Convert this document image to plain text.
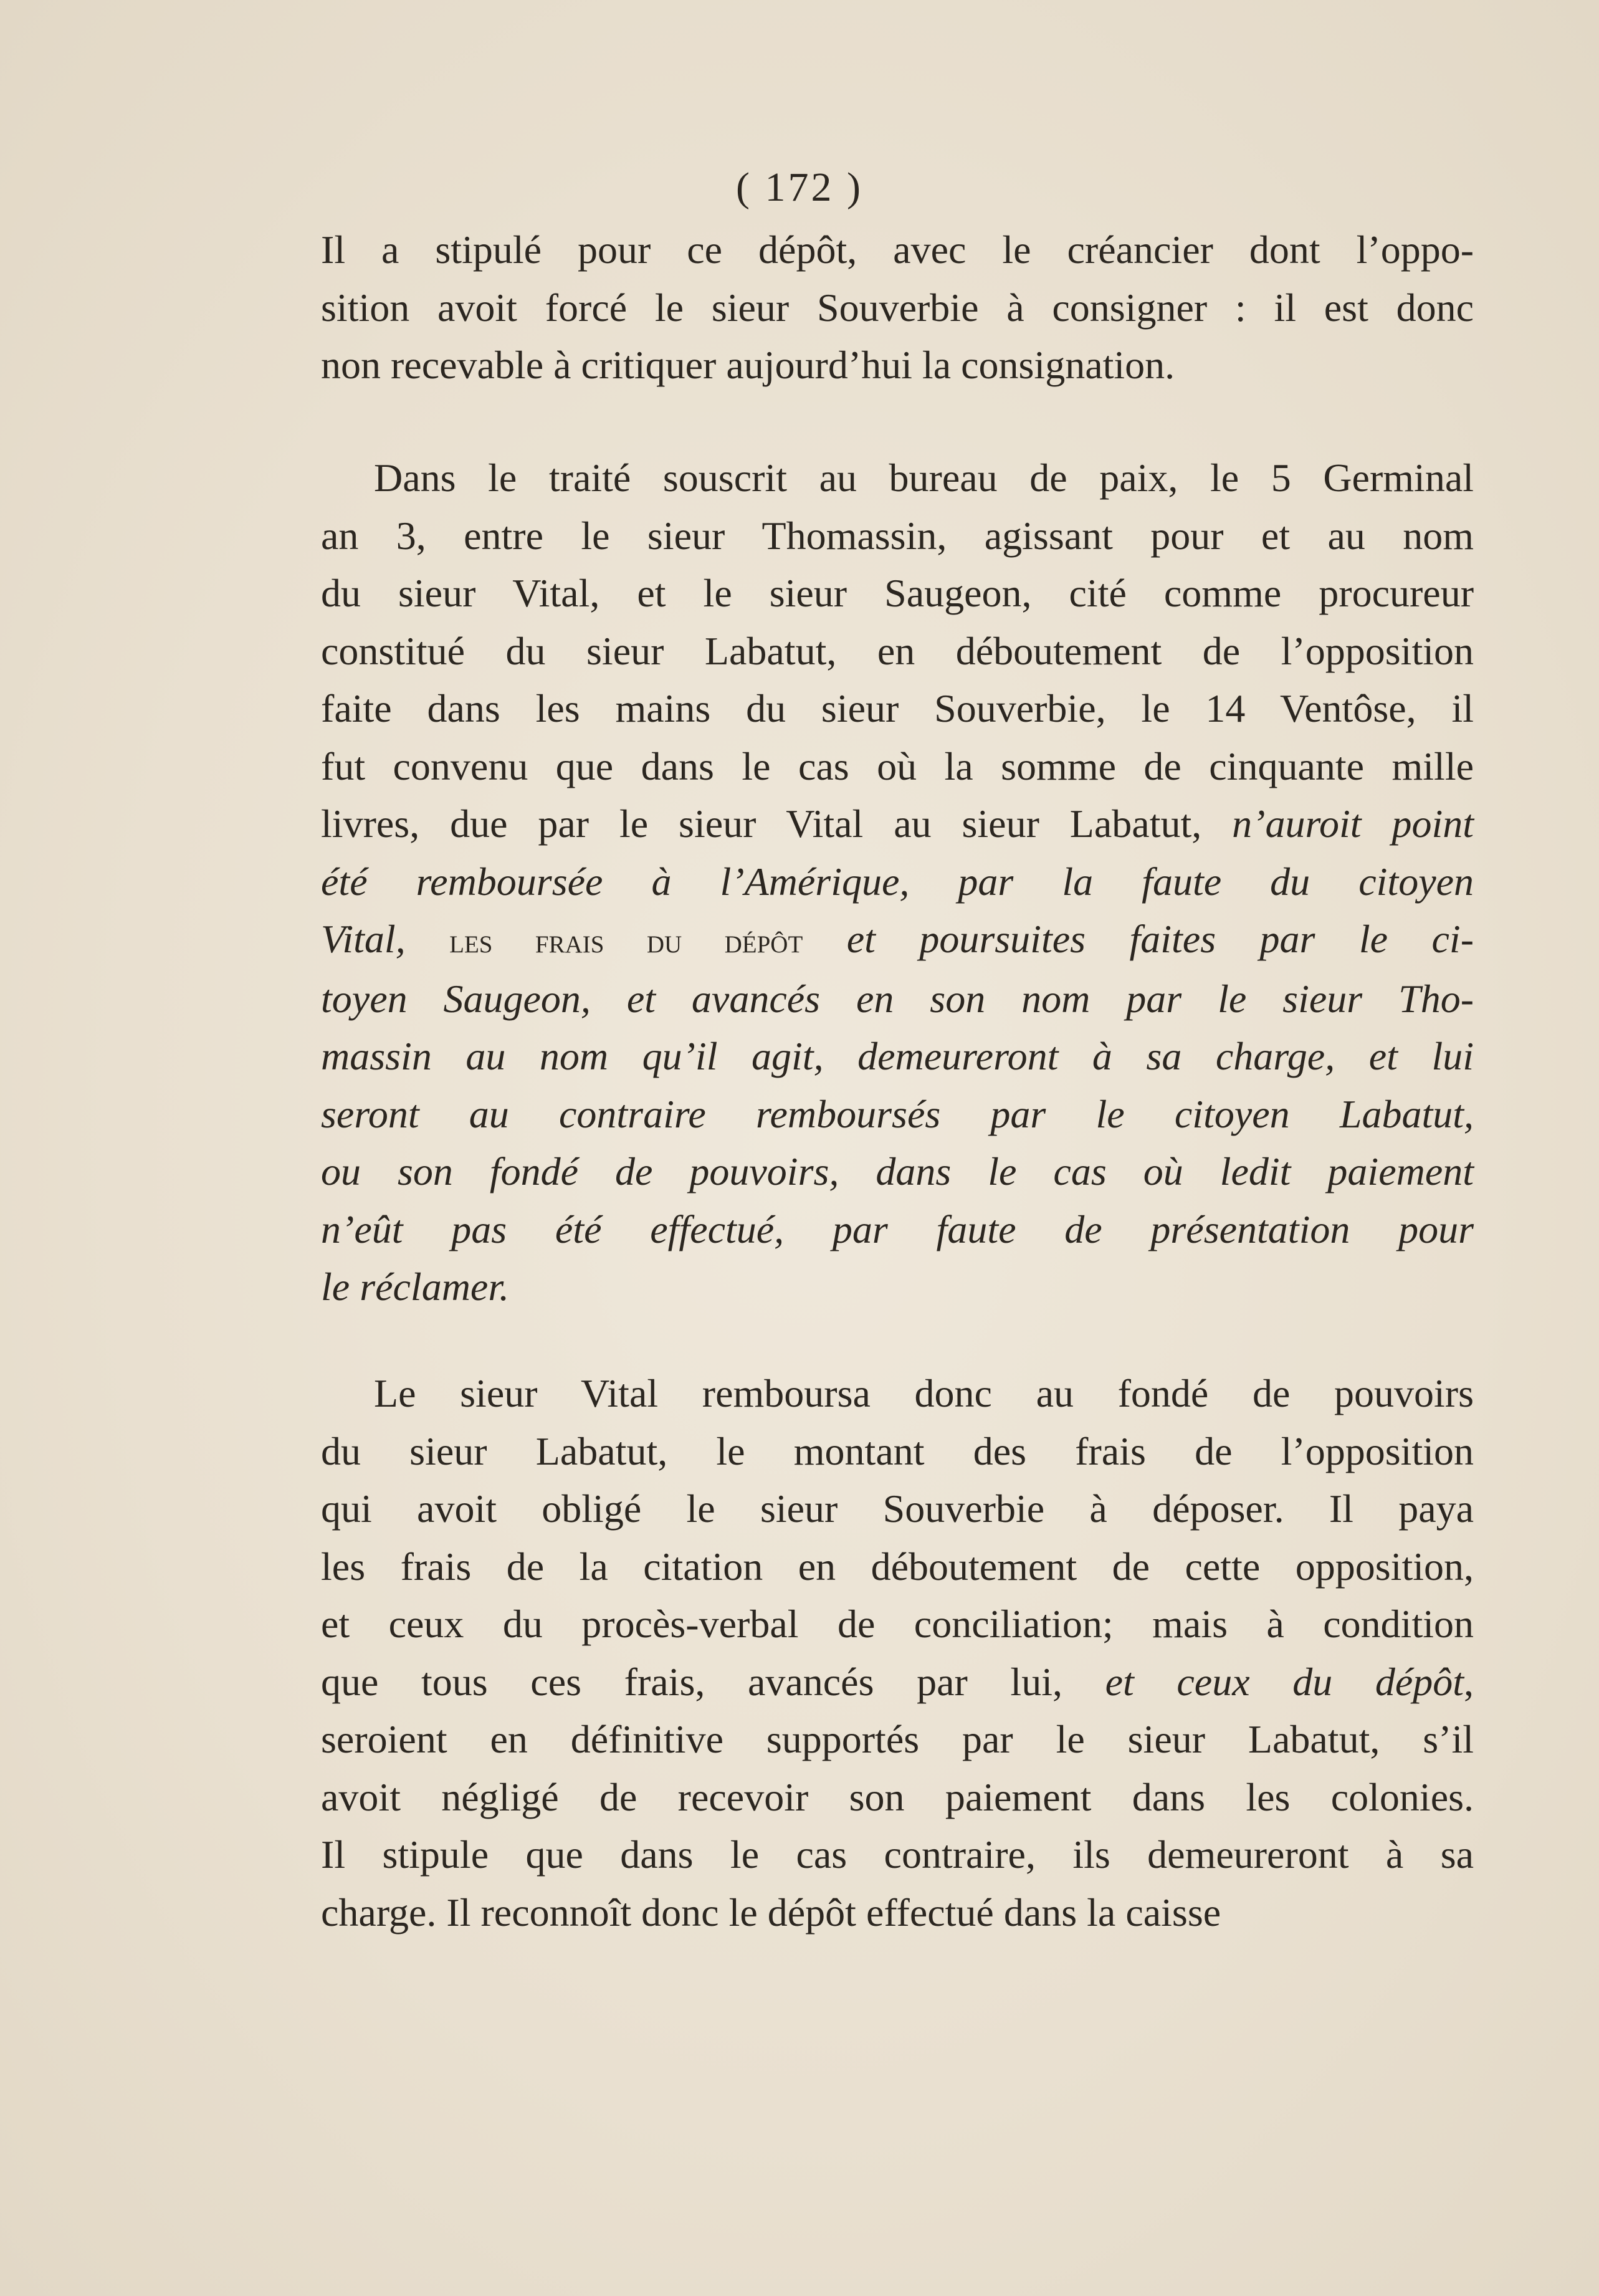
( 172 )
Il a stipulé pour ce dépôt, avec le créancier dont l’oppo-
sition avoit forcé le sieur Souverbie à consigner : il est donc
non recevable à critiquer aujourd’hui la consignation.
Dans le traité souscrit au bureau de paix, le 5 Germinal
an 3, entre le sieur Thomassin, agissant pour et au nom
du sieur Vital, et le sieur Saugeon, cité comme procureur
constitué du sieur Labatut, en déboutement de l’opposition
faite dans les mains du sieur Souverbie, le 14 Ventôse, il
fut convenu que dans le cas où la somme de cinquante mille
livres, due par le sieur Vital au sieur Labatut, n’auroit point
été remboursée à l’Amérique, par la faute du citoyen
Vital, les frais du dépôt et poursuites faites par le ci-
toyen Saugeon, et avancés en son nom par le sieur Tho-
massin au nom qu’il agit, demeureront à sa charge, et lui
seront au contraire remboursés par le citoyen Labatut,
ou son fondé de pouvoirs, dans le cas où ledit paiement
n’eût pas été effectué, par faute de présentation pour
le réclamer.
Le sieur Vital remboursa donc au fondé de pouvoirs
du sieur Labatut, le montant des frais de l’opposition
qui avoit obligé le sieur Souverbie à déposer. Il paya
les frais de la citation en déboutement de cette opposition,
et ceux du procès-verbal de conciliation; mais à condition
que tous ces frais, avancés par lui, et ceux du dépôt,
seroient en définitive supportés par le sieur Labatut, s’il
avoit négligé de recevoir son paiement dans les colonies.
Il stipule que dans le cas contraire, ils demeureront à sa
charge. Il reconnoît donc le dépôt effectué dans la caisse
